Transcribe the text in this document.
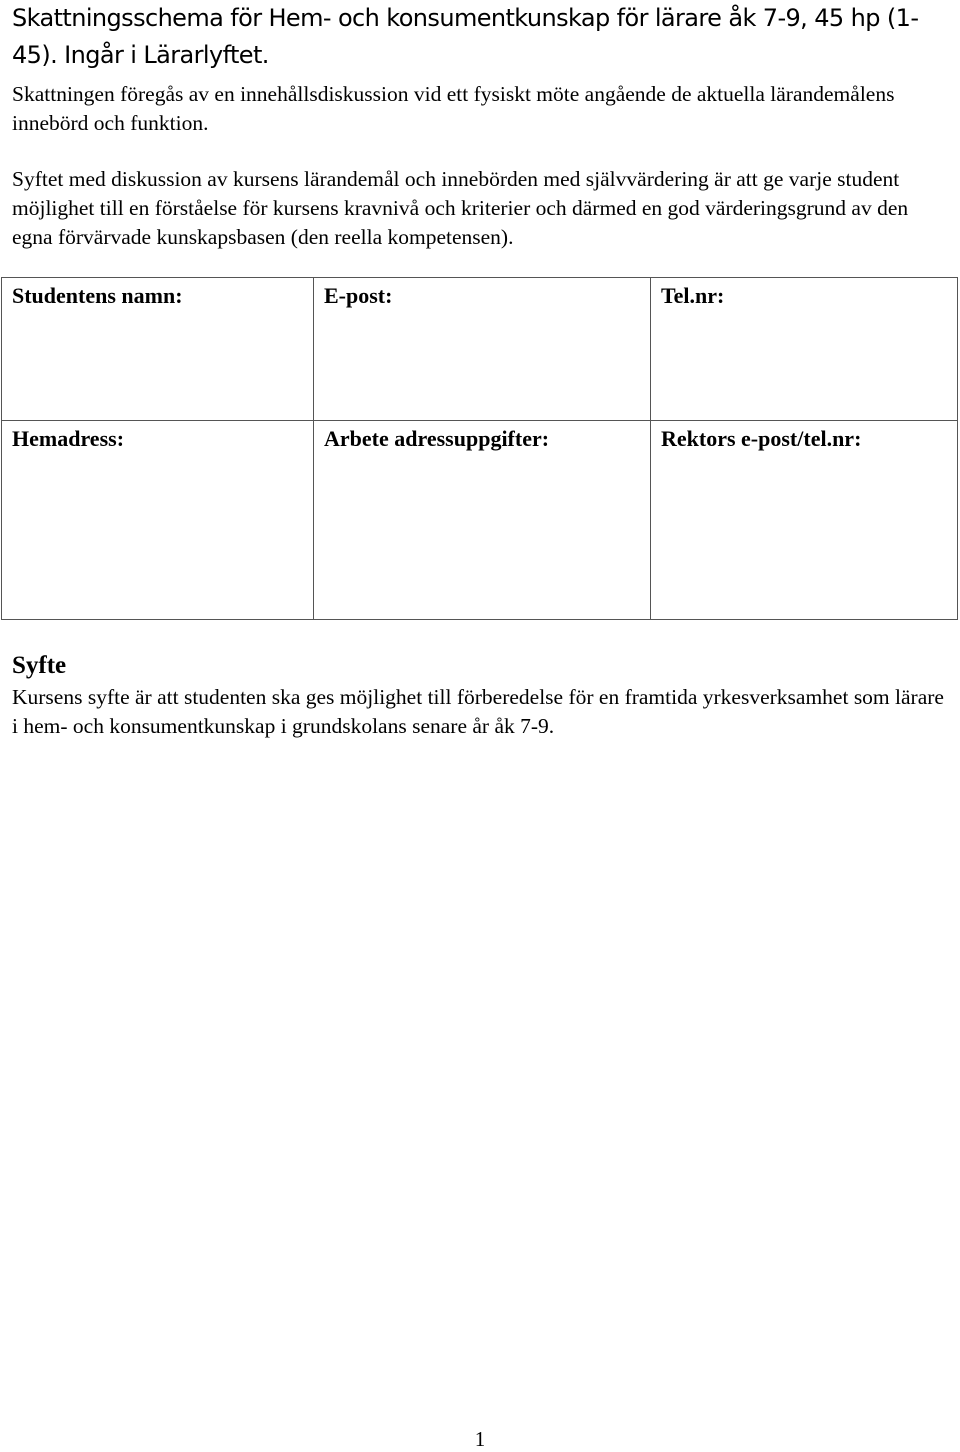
Skattningsschema för Hem- och konsumentkunskap för lärare åk 7-9, 45 hp (1-45). Ingår i Lärarlyftet.

Skattningen föregås av en innehållsdiskussion vid ett fysiskt möte angående de aktuella lärandemålens innebörd och funktion.

Syftet med diskussion av kursens lärandemål och innebörden med självvärdering är att ge varje student möjlighet till en förståelse för kursens kravnivå och kriterier och därmed en god värderingsgrund av den egna förvärvade kunskapsbasen (den reella kompetensen).

Studentens namn:	E-post:	Tel.nr:
Hemadress:	Arbete adressuppgifter:	Rektors e-post/tel.nr:
Syfte

Kursens syfte är att studenten ska ges möjlighet till förberedelse för en framtida yrkesverksamhet som lärare i hem- och konsumentkunskap i grundskolans senare år åk 7-9.

1
